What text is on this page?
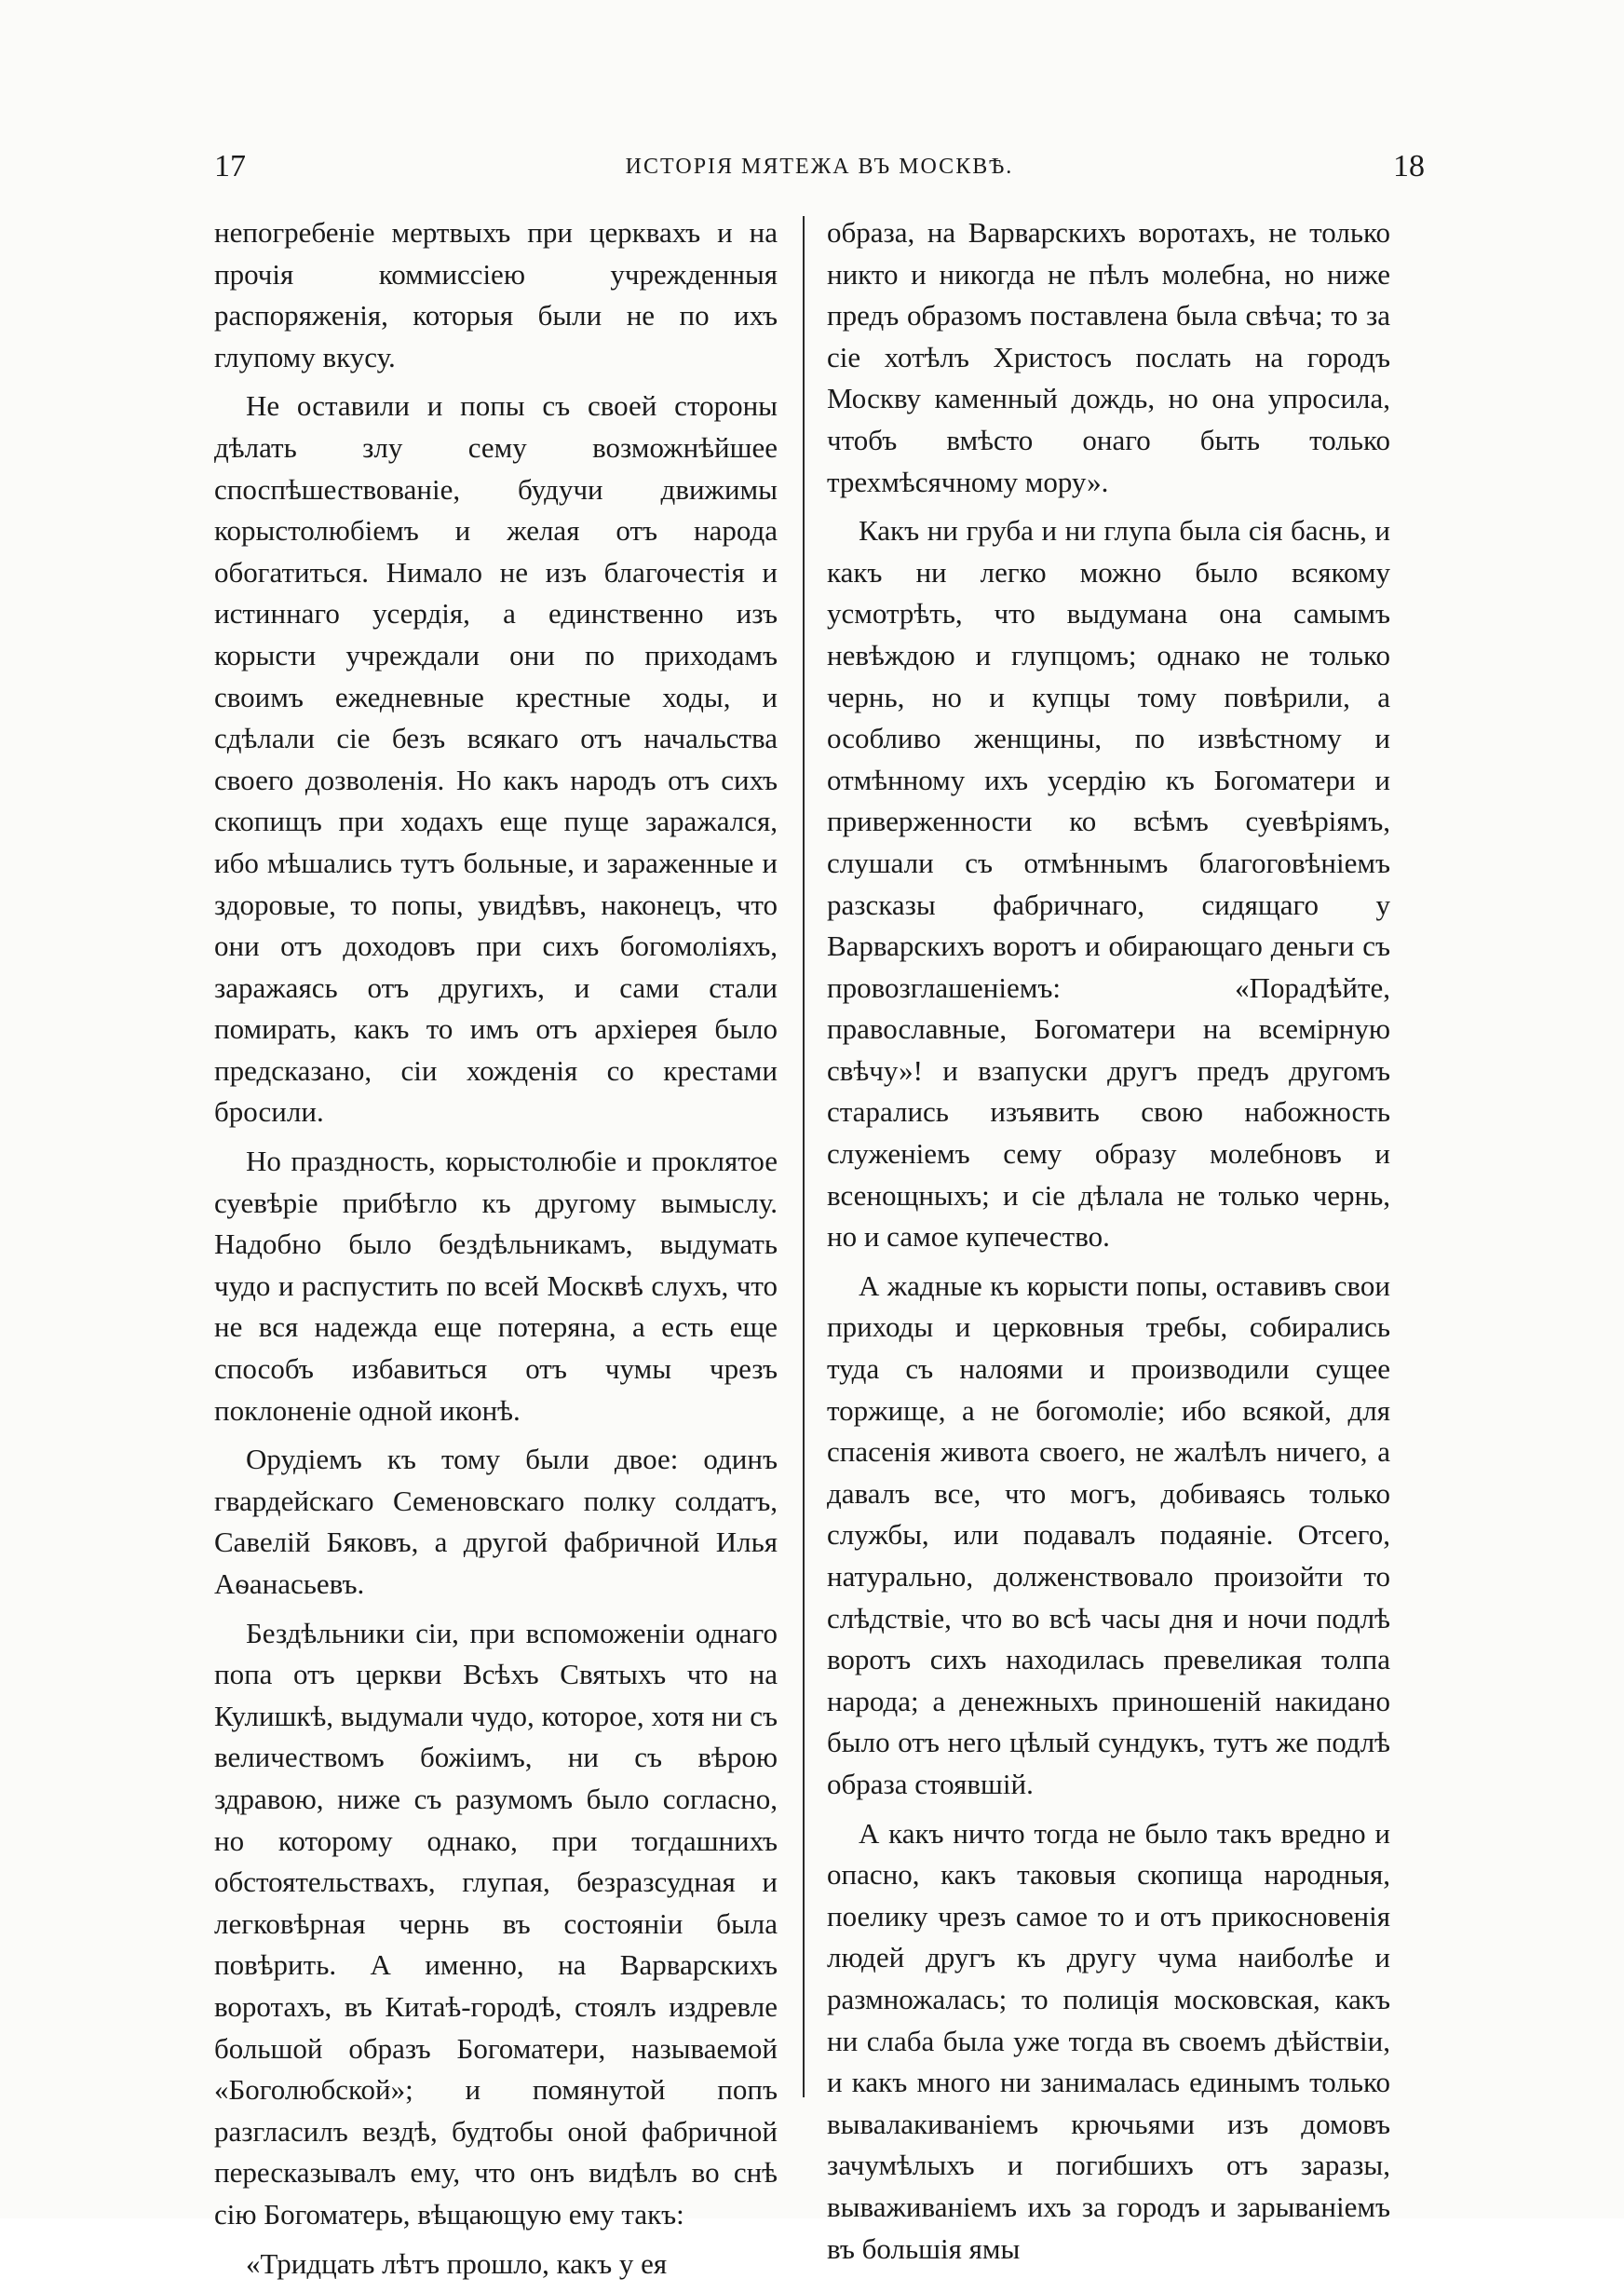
17	ИСТОРІЯ МЯТЕЖА ВЪ МОСКВѢ.	18

непогребеніе мертвыхъ при церквахъ и на прочія коммиссіею учрежденныя распоряженія, которыя были не по ихъ глупому вкусу.

Не оставили и попы съ своей стороны дѣлать злу сему возможнѣйшее споспѣшествованіе, будучи движимы корыстолюбіемъ и желая отъ народа обогатиться. Нимало не изъ благочестія и истиннаго усердія, а единственно изъ корысти учреждали они по приходамъ своимъ ежедневные крестные ходы, и сдѣлали сіе безъ всякаго отъ начальства своего дозволенія. Но какъ народъ отъ сихъ скопищъ при ходахъ еще пуще заражался, ибо мѣшались тутъ больные, и зараженные и здоровые, то попы, увидѣвъ, наконецъ, что они отъ доходовъ при сихъ богомоліяхъ, заражаясь отъ другихъ, и сами стали помирать, какъ то имъ отъ архіерея было предсказано, сіи хожденія со крестами бросили.

Но праздность, корыстолюбіе и проклятое суевѣріе прибѣгло къ другому вымыслу. Надобно было бездѣльникамъ, выдумать чудо и распустить по всей Москвѣ слухъ, что не вся надежда еще потеряна, а есть еще способъ избавиться отъ чумы чрезъ поклоненіе одной иконѣ.

Орудіемъ къ тому были двое: одинъ гвардейскаго Семеновскаго полку солдатъ, Савелій Бяковъ, а другой фабричной Илья Аѳанасьевъ.

Бездѣльники сіи, при вспоможеніи однаго попа отъ церкви Всѣхъ Святыхъ что на Кулишкѣ, выдумали чудо, которое, хотя ни съ величествомъ божіимъ, ни съ вѣрою здравою, ниже съ разумомъ было согласно, но которому однако, при тогдашнихъ обстоятельствахъ, глупая, безразсудная и легковѣрная чернь въ состояніи была повѣрить. А именно, на Варварскихъ воротахъ, въ Китаѣ-городѣ, стоялъ издревле большой образъ Богоматери, называемой «Боголюбской»; и помянутой попъ разгласилъ вездѣ, будтобы оной фабричной пересказывалъ ему, что онъ видѣлъ во снѣ сію Богоматерь, вѣщающую ему такъ:

«Тридцать лѣтъ прошло, какъ у ея

образа, на Варварскихъ воротахъ, не только никто и никогда не пѣлъ молебна, но ниже предъ образомъ поставлена была свѣча; то за сіе хотѣлъ Христосъ послать на городъ Москву каменный дождь, но она упросила, чтобъ вмѣсто онаго быть только трехмѣсячному мору».

Какъ ни груба и ни глупа была сія баснь, и какъ ни легко можно было всякому усмотрѣть, что выдумана она самымъ невѣждою и глупцомъ; однако не только чернь, но и купцы тому повѣрили, а особливо женщины, по извѣстному и отмѣнному ихъ усердію къ Богоматери и приверженности ко всѣмъ суевѣріямъ, слушали съ отмѣннымъ благоговѣніемъ разсказы фабричнаго, сидящаго у Варварскихъ воротъ и обирающаго деньги съ провозглашеніемъ: «Порадѣйте, православные, Богоматери на всемірную свѣчу»! и взапуски другъ предъ другомъ старались изъявить свою набожность служеніемъ сему образу молебновъ и всенощныхъ; и сіе дѣлала не только чернь, но и самое купечество.

А жадные къ корысти попы, оставивъ свои приходы и церковныя требы, собирались туда съ налоями и производили сущее торжище, а не богомоліе; ибо всякой, для спасенія живота своего, не жалѣлъ ничего, а давалъ все, что могъ, добиваясь только службы, или подавалъ подаяніе. Отсего, натурально, долженствовало произойти то слѣдствіе, что во всѣ часы дня и ночи подлѣ воротъ сихъ находилась превеликая толпа народа; а денежныхъ приношеній накидано было отъ него цѣлый сундукъ, тутъ же подлѣ образа стоявшій.

А какъ ничто тогда не было такъ вредно и опасно, какъ таковыя скопища народныя, поелику чрезъ самое то и отъ прикосновенія людей другъ къ другу чума наиболѣе и размножалась; то полиція московская, какъ ни слаба была уже тогда въ своемъ дѣйствіи, и какъ много ни занималась единымъ только вывалакиваніемъ крючьями изъ домовъ зачумѣлыхъ и погибшихъ отъ заразы, вываживаніемъ ихъ за городъ и зарываніемъ въ большія ямы
